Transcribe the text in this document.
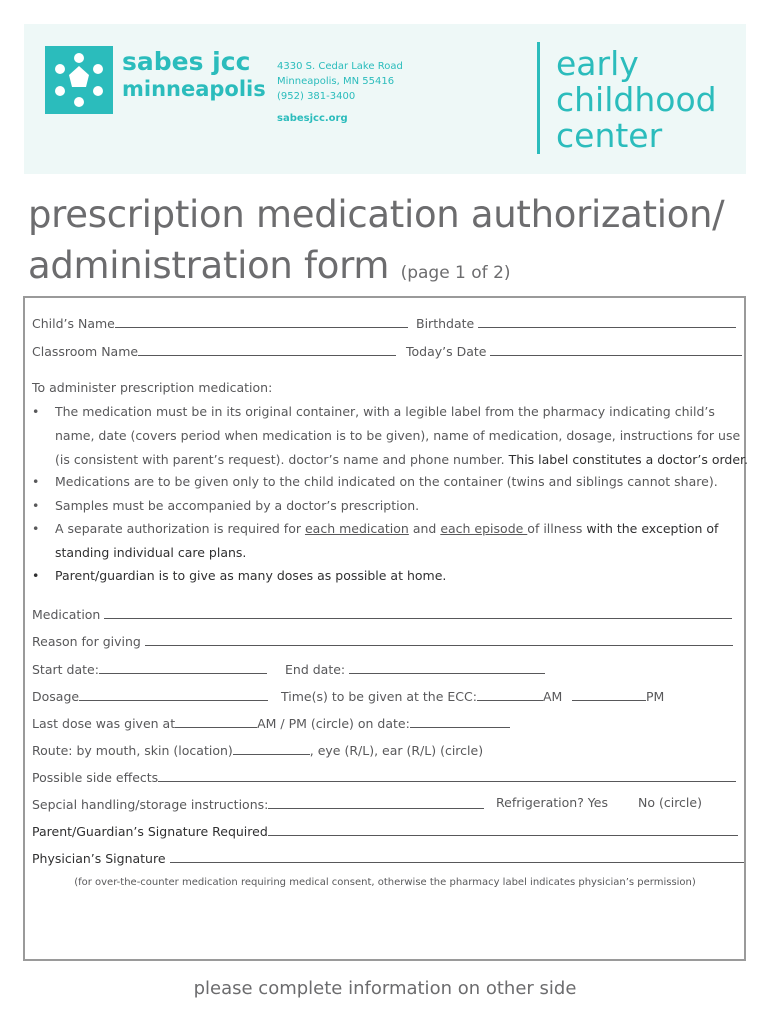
sabes jcc
minneapolis
4330 S. Cedar Lake Road
Minneapolis, MN 55416
(952) 381-3400
sabesjcc.org
early
childhood
center
prescription medication authorization/
administration form (page 1 of 2)
Child’s Name	Birthdate
Classroom Name	Today’s Date
To administer prescription medication:
• The medication must be in its original container, with a legible label from the pharmacy indicating child’s
name, date (covers period when medication is to be given), name of medication, dosage, instructions for use
(is consistent with parent’s request). doctor’s name and phone number. This label constitutes a doctor’s order.
• Medications are to be given only to the child indicated on the container (twins and siblings cannot share).
• Samples must be accompanied by a doctor’s prescription.
• A separate authorization is required for each medication and each episode of illness with the exception of
standing individual care plans.
• Parent/guardian is to give as many doses as possible at home.
Medication
Reason for giving
Start date:	End date:
Dosage	Time(s) to be given at the ECC:	AM	PM
Last dose was given at	AM / PM (circle) on date:
Route: by mouth, skin (location)	, eye (R/L), ear (R/L) (circle)
Possible side effects
Sepcial handling/storage instructions:	Refrigeration? Yes No (circle)
Parent/Guardian’s Signature Required
Physician’s Signature
(for over-the-counter medication requiring medical consent, otherwise the pharmacy label indicates physician’s permission)
please complete information on other side
